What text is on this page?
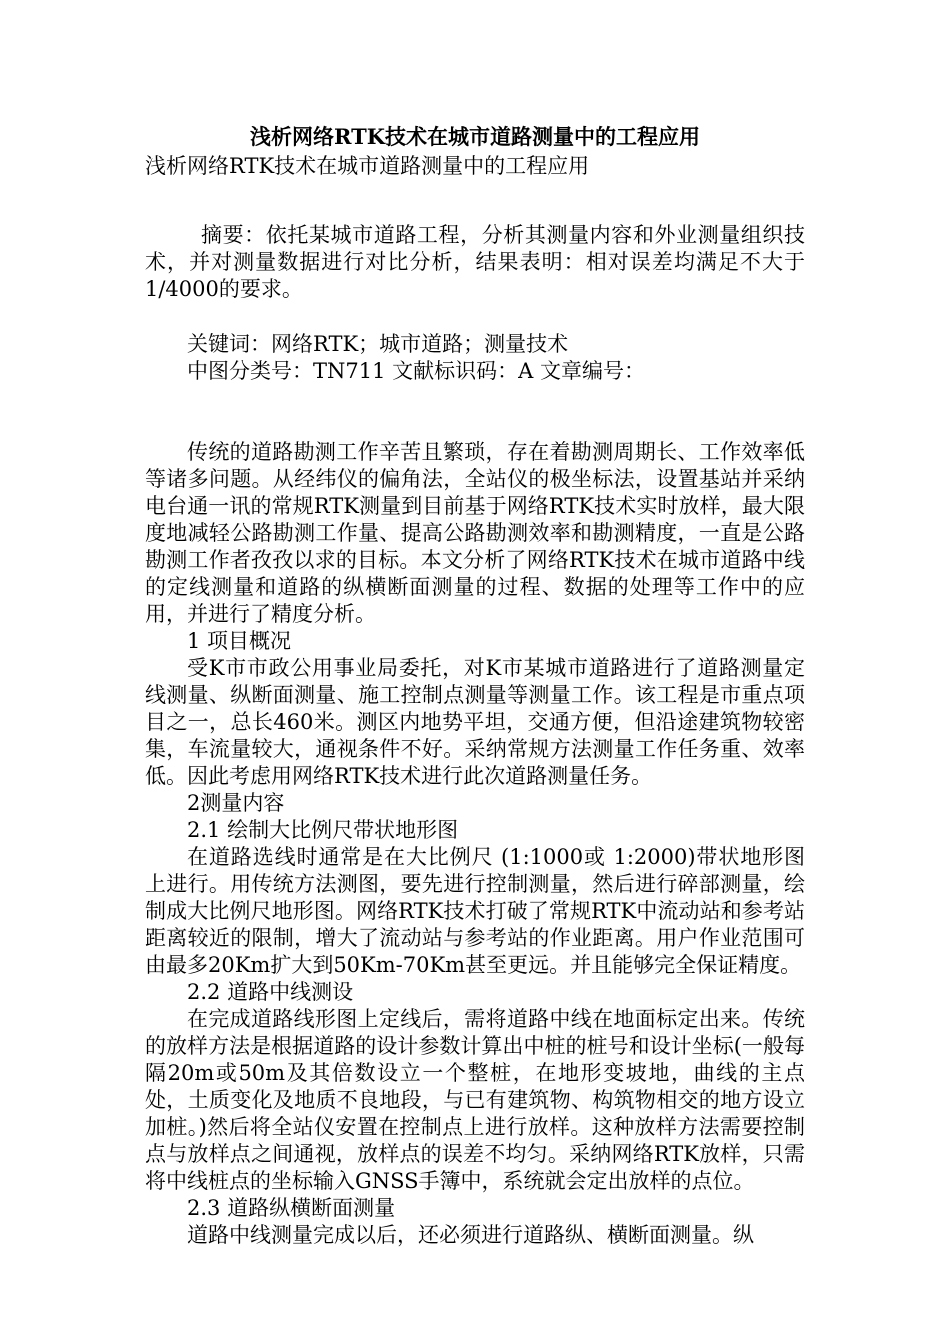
浅析网络RTK技术在城市道路测量中的工程应用

浅析网络RTK技术在城市道路测量中的工程应用

摘要：依托某城市道路工程，分析其测量内容和外业测量组织技术，并对测量数据进行对比分析，结果表明：相对误差均满足不大于 1/4000的要求。

关键词：网络RTK；城市道路；测量技术

中图分类号：TN711 文献标识码：A 文章编号：

传统的道路勘测工作辛苦且繁琐，存在着勘测周期长、工作效率低等诸多问题。从经纬仪的偏角法，全站仪的极坐标法，设置基站并采纳电台通一讯的常规RTK测量到目前基于网络RTK技术实时放样，最大限度地减轻公路勘测工作量、提高公路勘测效率和勘测精度，一直是公路勘测工作者孜孜以求的目标。本文分析了网络RTK技术在城市道路中线的定线测量和道路的纵横断面测量的过程、数据的处理等工作中的应用，并进行了精度分析。

1 项目概况

受K市市政公用事业局委托，对K市某城市道路进行了道路测量定线测量、纵断面测量、施工控制点测量等测量工作。该工程是市重点项目之一，总长460米。测区内地势平坦，交通方便，但沿途建筑物较密集，车流量较大，通视条件不好。采纳常规方法测量工作任务重、效率低。因此考虑用网络RTK技术进行此次道路测量任务。

2测量内容

2.1 绘制大比例尺带状地形图

在道路选线时通常是在大比例尺 (1:1000或 1:2000)带状地形图上进行。用传统方法测图，要先进行控制测量，然后进行碎部测量，绘制成大比例尺地形图。网络RTK技术打破了常规RTK中流动站和参考站距离较近的限制，增大了流动站与参考站的作业距离。用户作业范围可由最多20Km扩大到50Km-70Km甚至更远。并且能够完全保证精度。

2.2 道路中线测设

在完成道路线形图上定线后，需将道路中线在地面标定出来。传统的放样方法是根据道路的设计参数计算出中桩的桩号和设计坐标(一般每隔20m或50m及其倍数设立一个整桩，在地形变坡地，曲线的主点处，土质变化及地质不良地段，与已有建筑物、构筑物相交的地方设立加桩。)然后将全站仪安置在控制点上进行放样。这种放样方法需要控制点与放样点之间通视，放样点的误差不均匀。采纳网络RTK放样，只需将中线桩点的坐标输入GNSS手簿中，系统就会定出放样的点位。

2.3 道路纵横断面测量

道路中线测量完成以后，还必须进行道路纵、横断面测量。纵
